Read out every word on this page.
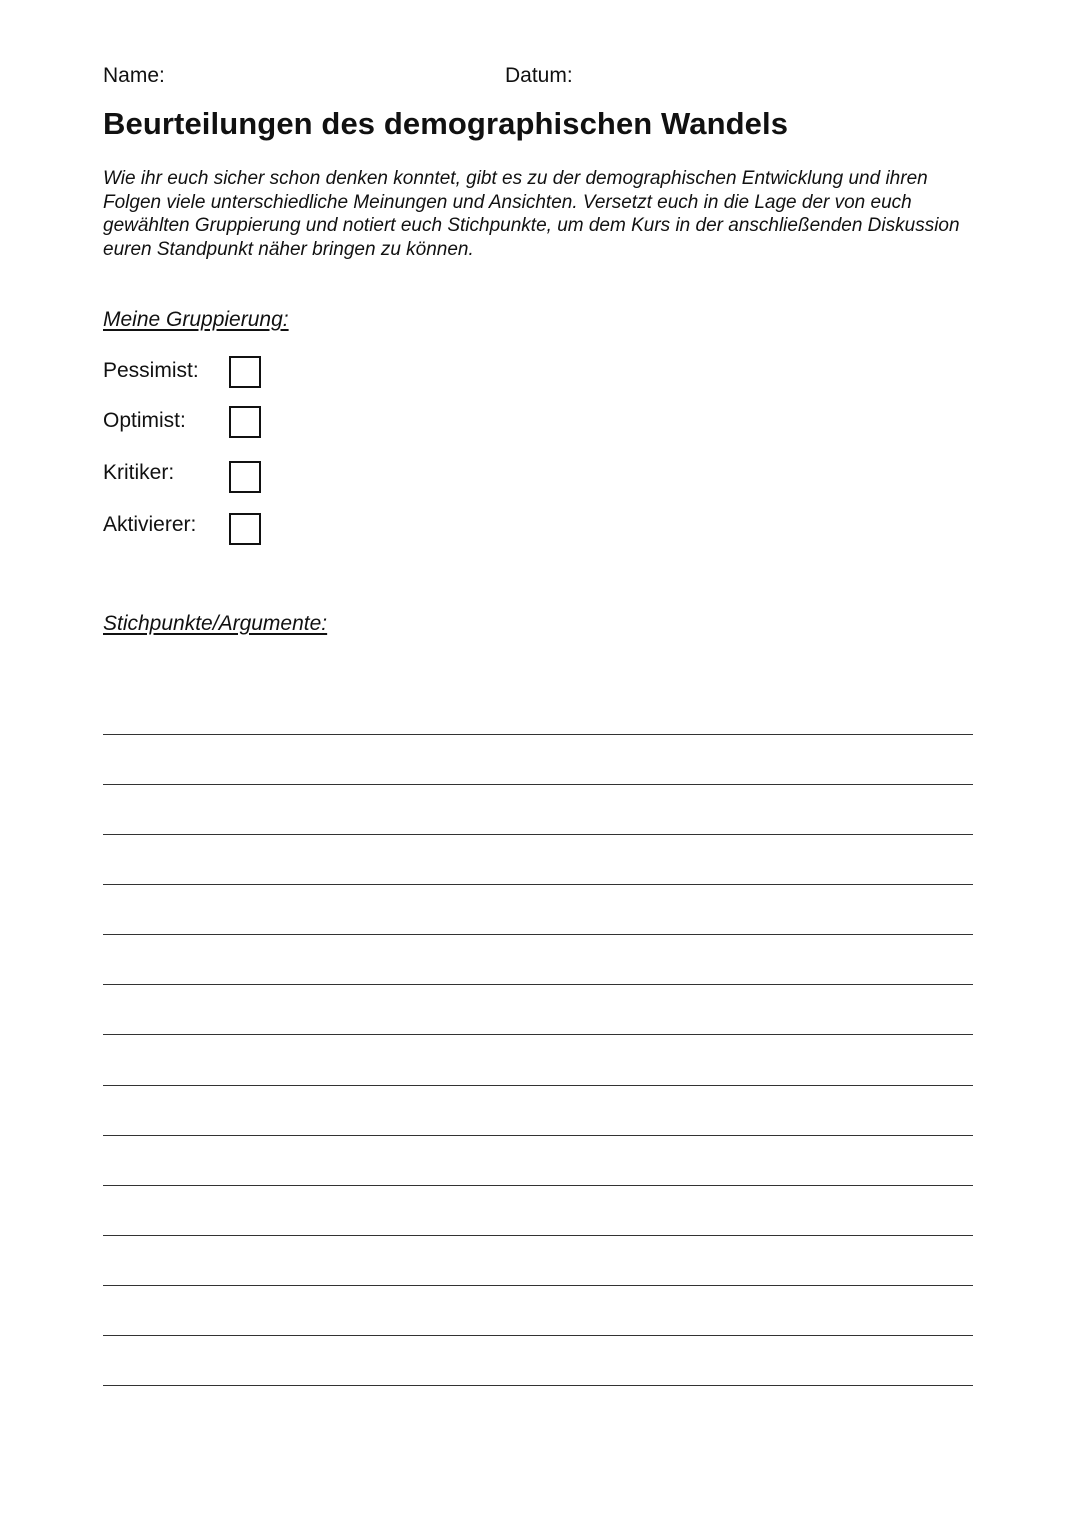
Name:	Datum:
Beurteilungen des demographischen Wandels

Wie ihr euch sicher schon denken konntet, gibt es zu der demographischen Entwicklung und ihren Folgen viele unterschiedliche Meinungen und Ansichten. Versetzt euch in die Lage der von euch gewählten Gruppierung und notiert euch Stichpunkte, um dem Kurs in der anschließenden Diskussion euren Standpunkt näher bringen zu können.

Meine Gruppierung:
Pessimist:
Optimist:
Kritiker:
Aktivierer:
Stichpunkte/Argumente:
